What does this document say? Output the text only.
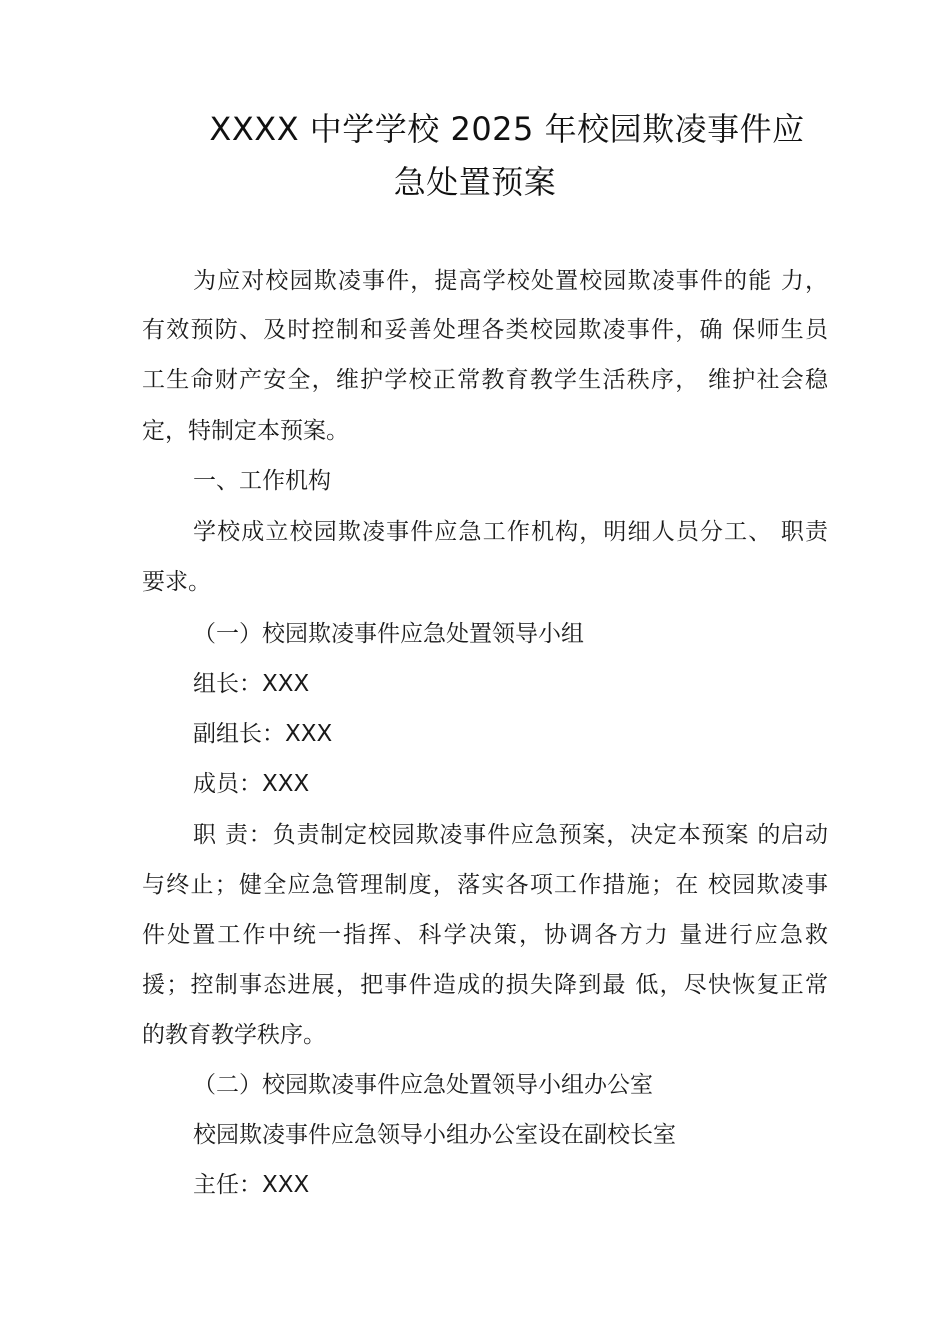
XXXX 中学学校 2025 年校园欺凌事件应
急处置预案
为应对校园欺凌事件，提高学校处置校园欺凌事件的能 力，
有效预防、及时控制和妥善处理各类校园欺凌事件，确 保师生员
工生命财产安全，维护学校正常教育教学生活秩序， 维护社会稳
定，特制定本预案。
一、工作机构
学校成立校园欺凌事件应急工作机构，明细人员分工、 职责
要求。
（一）校园欺凌事件应急处置领导小组
组长：XXX
副组长：XXX
成员：XXX
职 责：负责制定校园欺凌事件应急预案，决定本预案 的启动
与终止；健全应急管理制度，落实各项工作措施；在 校园欺凌事
件处置工作中统一指挥、科学决策，协调各方力 量进行应急救
援；控制事态进展，把事件造成的损失降到最 低，尽快恢复正常
的教育教学秩序。
（二）校园欺凌事件应急处置领导小组办公室
校园欺凌事件应急领导小组办公室设在副校长室
主任：XXX
